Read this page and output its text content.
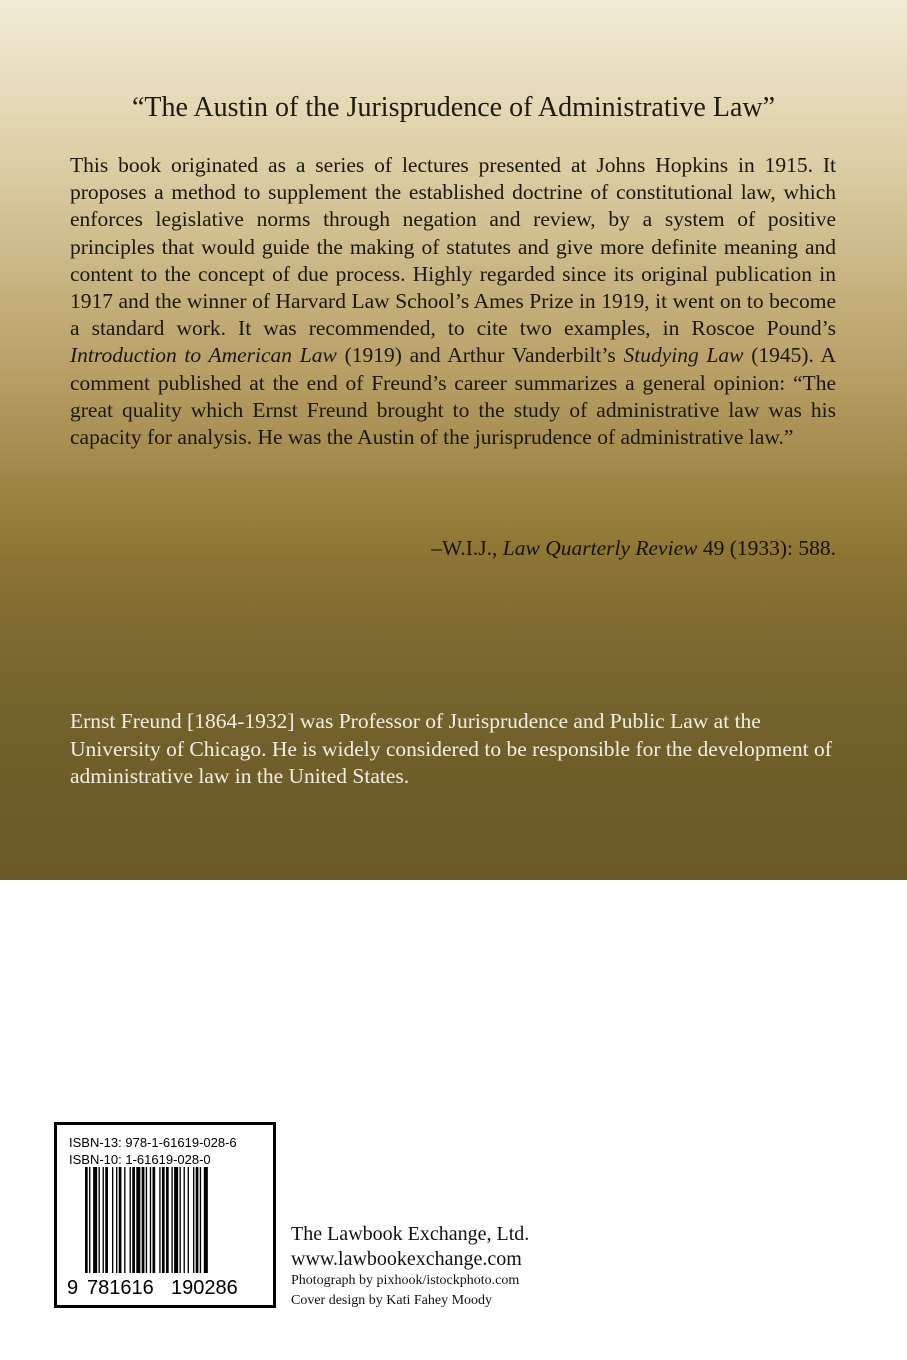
“The Austin of the Jurisprudence of Administrative Law”

This book originated as a series of lectures presented at Johns Hopkins in 1915. It proposes a method to supplement the established doctrine of constitutional law, which enforces legislative norms through negation and review, by a system of positive principles that would guide the making of statutes and give more definite meaning and content to the concept of due process. Highly regarded since its original publication in 1917 and the winner of Harvard Law School’s Ames Prize in 1919, it went on to become a standard work. It was recommended, to cite two examples, in Roscoe Pound’s Introduction to American Law (1919) and Arthur Vanderbilt’s Studying Law (1945). A comment published at the end of Freund’s career summarizes a general opinion: “The great quality which Ernst Freund brought to the study of administrative law was his capacity for analysis. He was the Austin of the jurisprudence of administrative law.”

–W.I.J., Law Quarterly Review 49 (1933): 588.

Ernst Freund [1864-1932] was Professor of Jurisprudence and Public Law at the University of Chicago. He is widely considered to be responsible for the development of administrative law in the United States.

ISBN-13: 978-1-61619-028-6
ISBN-10: 1-61619-028-0
9 781616 190286
The Lawbook Exchange, Ltd.
www.lawbookexchange.com
Photograph by pixhook/istockphoto.com
Cover design by Kati Fahey Moody
